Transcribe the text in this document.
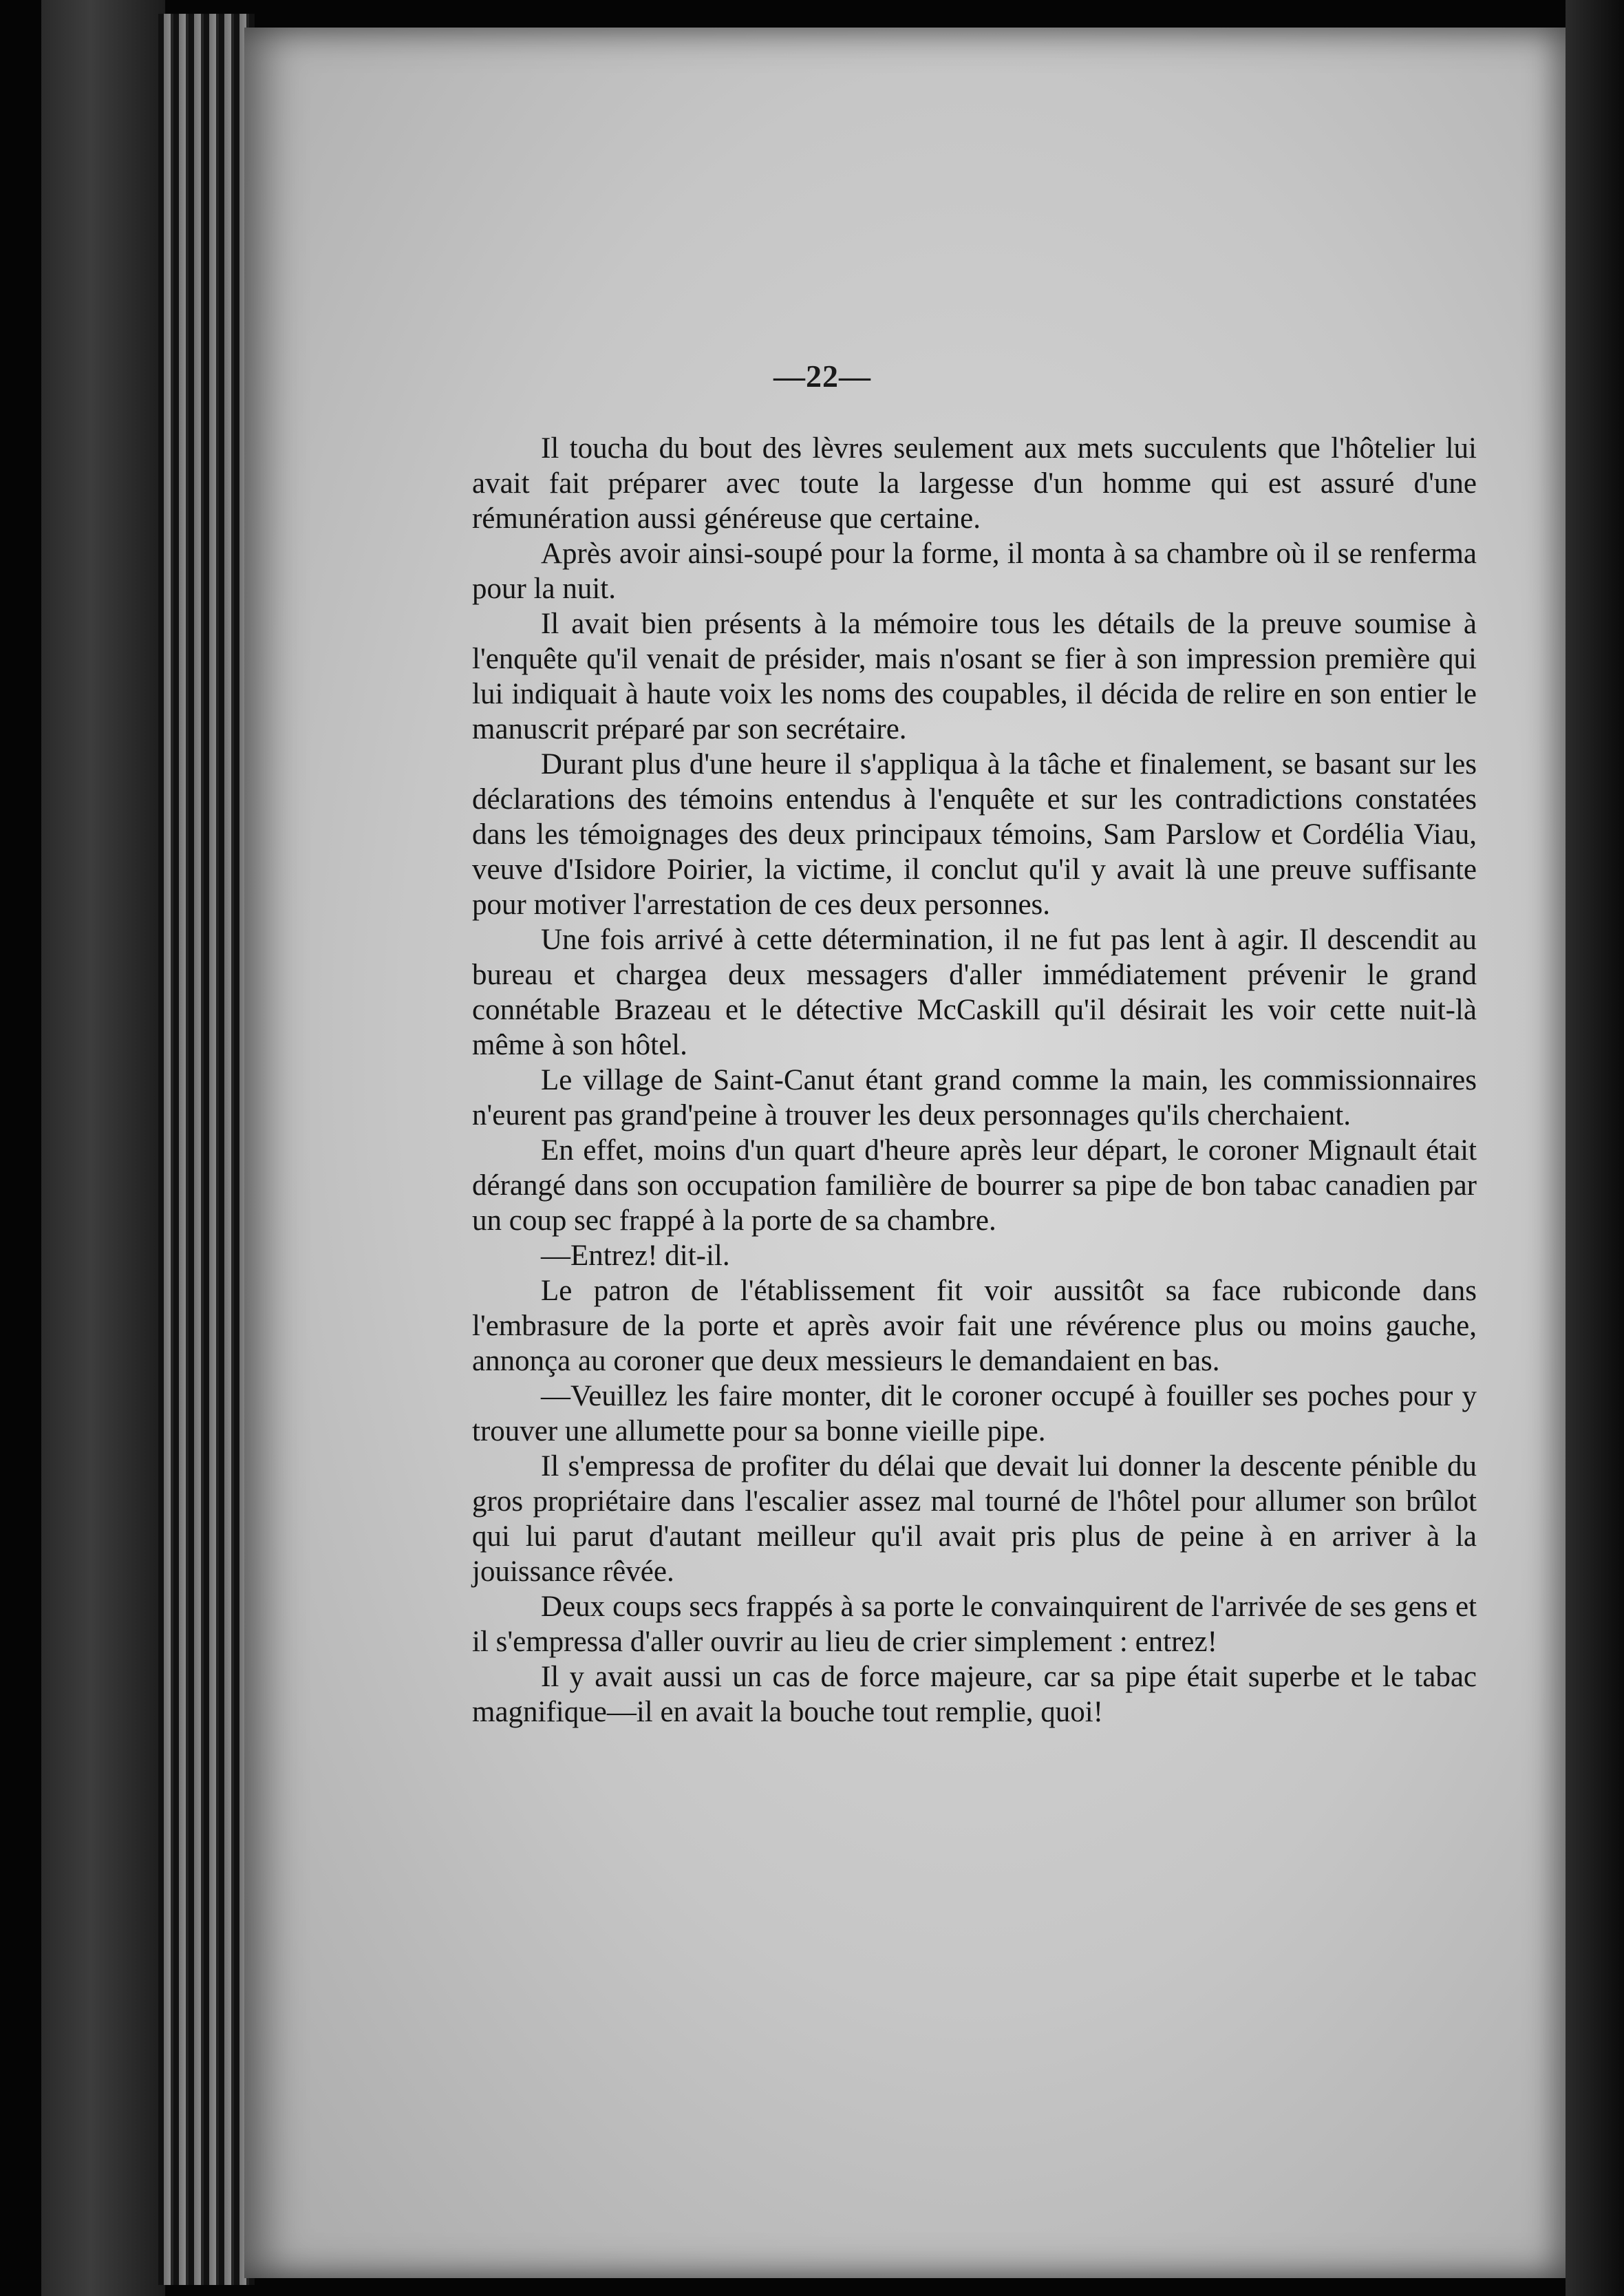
—22—

Il toucha du bout des lèvres seulement aux mets succulents que l'hôtelier lui avait fait préparer avec toute la largesse d'un homme qui est assuré d'une rémunération aussi généreuse que certaine.

Après avoir ainsi-soupé pour la forme, il monta à sa chambre où il se renferma pour la nuit.

Il avait bien présents à la mémoire tous les détails de la preuve soumise à l'enquête qu'il venait de présider, mais n'osant se fier à son impression première qui lui indiquait à haute voix les noms des coupables, il décida de relire en son entier le manuscrit préparé par son secrétaire.

Durant plus d'une heure il s'appliqua à la tâche et finalement, se basant sur les déclarations des témoins entendus à l'enquête et sur les contradictions constatées dans les témoignages des deux principaux témoins, Sam Parslow et Cordélia Viau, veuve d'Isidore Poirier, la victime, il conclut qu'il y avait là une preuve suffisante pour motiver l'arrestation de ces deux personnes.

Une fois arrivé à cette détermination, il ne fut pas lent à agir. Il descendit au bureau et chargea deux messagers d'aller immédiatement prévenir le grand connétable Brazeau et le détective McCaskill qu'il désirait les voir cette nuit-là même à son hôtel.

Le village de Saint-Canut étant grand comme la main, les commissionnaires n'eurent pas grand'peine à trouver les deux personnages qu'ils cherchaient.

En effet, moins d'un quart d'heure après leur départ, le coroner Mignault était dérangé dans son occupation familière de bourrer sa pipe de bon tabac canadien par un coup sec frappé à la porte de sa chambre.

—Entrez! dit-il.

Le patron de l'établissement fit voir aussitôt sa face rubiconde dans l'embrasure de la porte et après avoir fait une révérence plus ou moins gauche, annonça au coroner que deux messieurs le demandaient en bas.

—Veuillez les faire monter, dit le coroner occupé à fouiller ses poches pour y trouver une allumette pour sa bonne vieille pipe.

Il s'empressa de profiter du délai que devait lui donner la descente pénible du gros propriétaire dans l'escalier assez mal tourné de l'hôtel pour allumer son brûlot qui lui parut d'autant meilleur qu'il avait pris plus de peine à en arriver à la jouissance rêvée.

Deux coups secs frappés à sa porte le convainquirent de l'arrivée de ses gens et il s'empressa d'aller ouvrir au lieu de crier simplement : entrez!

Il y avait aussi un cas de force majeure, car sa pipe était superbe et le tabac magnifique—il en avait la bouche tout remplie, quoi!
